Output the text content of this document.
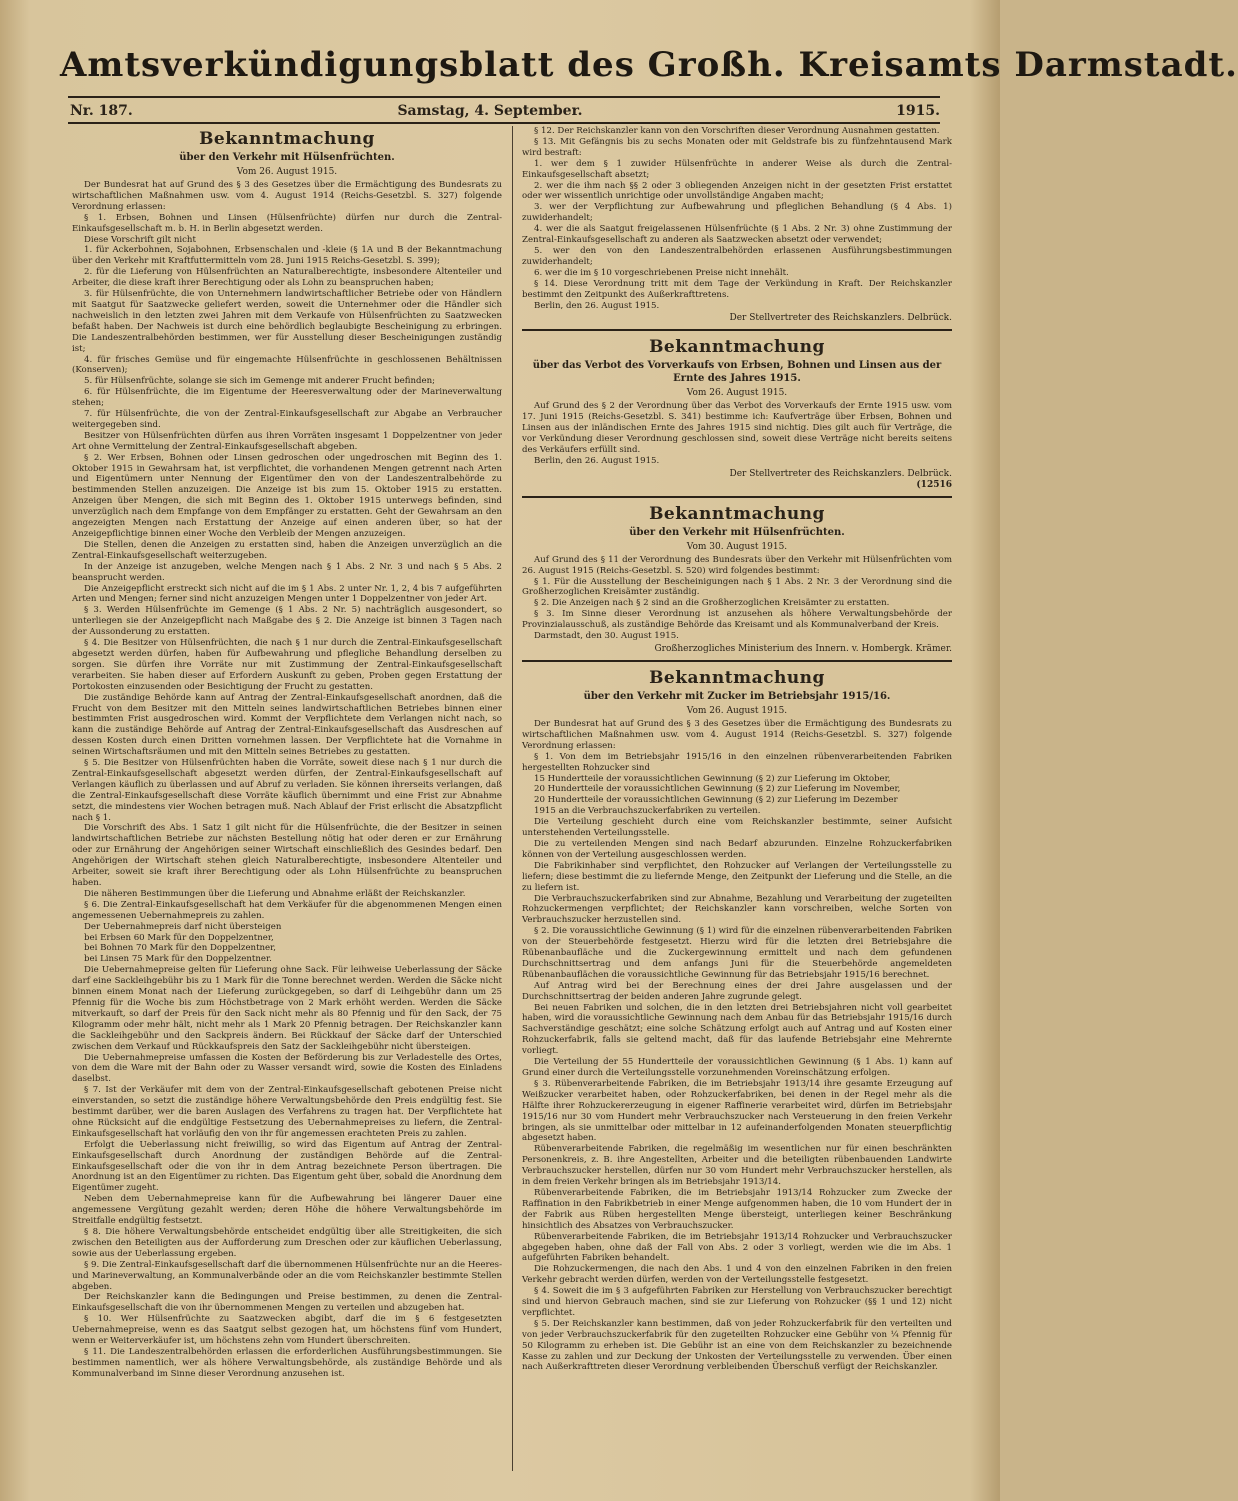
Amtsverkündigungsblatt des Großh. Kreisamts Darmstadt.
Nr. 187.	Samstag, 4. September.	1915.
Bekanntmachung
über den Verkehr mit Hülsenfrüchten.
Vom 26. August 1915.

Der Bundesrat hat auf Grund des § 3 des Gesetzes über die Ermächtigung des Bundesrats zu wirtschaftlichen Maßnahmen usw. vom 4. August 1914 (Reichs-Gesetzbl. S. 327) folgende Verordnung erlassen:

§ 1. Erbsen, Bohnen und Linsen (Hülsenfrüchte) dürfen nur durch die Zentral-Einkaufsgesellschaft m. b. H. in Berlin abgesetzt werden.

Diese Vorschrift gilt nicht

1. für Ackerbohnen, Sojabohnen, Erbsenschalen und -kleie (§ 1A und B der Bekanntmachung über den Verkehr mit Kraftfuttermitteln vom 28. Juni 1915 Reichs-Gesetzbl. S. 399);

2. für die Lieferung von Hülsenfrüchten an Naturalberechtigte, insbesondere Altenteiler und Arbeiter, die diese kraft ihrer Berechtigung oder als Lohn zu beanspruchen haben;

3. für Hülsenfrüchte, die von Unternehmern landwirtschaftlicher Betriebe oder von Händlern mit Saatgut für Saatzwecke geliefert werden, soweit die Unternehmer oder die Händler sich nachweislich in den letzten zwei Jahren mit dem Verkaufe von Hülsenfrüchten zu Saatzwecken befaßt haben. Der Nachweis ist durch eine behördlich beglaubigte Bescheinigung zu erbringen. Die Landeszentralbehörden bestimmen, wer für Ausstellung dieser Bescheinigungen zuständig ist;

4. für frisches Gemüse und für eingemachte Hülsenfrüchte in geschlossenen Behältnissen (Konserven);

5. für Hülsenfrüchte, solange sie sich im Gemenge mit anderer Frucht befinden;

6. für Hülsenfrüchte, die im Eigentume der Heeresverwaltung oder der Marineverwaltung stehen;

7. für Hülsenfrüchte, die von der Zentral-Einkaufsgesellschaft zur Abgabe an Verbraucher weitergegeben sind.

Besitzer von Hülsenfrüchten dürfen aus ihren Vorräten insgesamt 1 Doppelzentner von jeder Art ohne Vermittelung der Zentral-Einkaufsgesellschaft abgeben.

§ 2. Wer Erbsen, Bohnen oder Linsen gedroschen oder ungedroschen mit Beginn des 1. Oktober 1915 in Gewahrsam hat, ist verpflichtet, die vorhandenen Mengen getrennt nach Arten und Eigentümern unter Nennung der Eigentümer den von der Landeszentralbehörde zu bestimmenden Stellen anzuzeigen. Die Anzeige ist bis zum 15. Oktober 1915 zu erstatten. Anzeigen über Mengen, die sich mit Beginn des 1. Oktober 1915 unterwegs befinden, sind unverzüglich nach dem Empfange von dem Empfänger zu erstatten. Geht der Gewahrsam an den angezeigten Mengen nach Erstattung der Anzeige auf einen anderen über, so hat der Anzeigepflichtige binnen einer Woche den Verbleib der Mengen anzuzeigen.

Die Stellen, denen die Anzeigen zu erstatten sind, haben die Anzeigen unverzüglich an die Zentral-Einkaufsgesellschaft weiterzugeben.

In der Anzeige ist anzugeben, welche Mengen nach § 1 Abs. 2 Nr. 3 und nach § 5 Abs. 2 beansprucht werden.

Die Anzeigepflicht erstreckt sich nicht auf die im § 1 Abs. 2 unter Nr. 1, 2, 4 bis 7 aufgeführten Arten und Mengen; ferner sind nicht anzuzeigen Mengen unter 1 Doppelzentner von jeder Art.

§ 3. Werden Hülsenfrüchte im Gemenge (§ 1 Abs. 2 Nr. 5) nachträglich ausgesondert, so unterliegen sie der Anzeigepflicht nach Maßgabe des § 2. Die Anzeige ist binnen 3 Tagen nach der Aussonderung zu erstatten.

§ 4. Die Besitzer von Hülsenfrüchten, die nach § 1 nur durch die Zentral-Einkaufsgesellschaft abgesetzt werden dürfen, haben für Aufbewahrung und pflegliche Behandlung derselben zu sorgen. Sie dürfen ihre Vorräte nur mit Zustimmung der Zentral-Einkaufsgesellschaft verarbeiten. Sie haben dieser auf Erfordern Auskunft zu geben, Proben gegen Erstattung der Portokosten einzusenden oder Besichtigung der Frucht zu gestatten.

Die zuständige Behörde kann auf Antrag der Zentral-Einkaufsgesellschaft anordnen, daß die Frucht von dem Besitzer mit den Mitteln seines landwirtschaftlichen Betriebes binnen einer bestimmten Frist ausgedroschen wird. Kommt der Verpflichtete dem Verlangen nicht nach, so kann die zuständige Behörde auf Antrag der Zentral-Einkaufsgesellschaft das Ausdreschen auf dessen Kosten durch einen Dritten vornehmen lassen. Der Verpflichtete hat die Vornahme in seinen Wirtschaftsräumen und mit den Mitteln seines Betriebes zu gestatten.

§ 5. Die Besitzer von Hülsenfrüchten haben die Vorräte, soweit diese nach § 1 nur durch die Zentral-Einkaufsgesellschaft abgesetzt werden dürfen, der Zentral-Einkaufsgesellschaft auf Verlangen käuflich zu überlassen und auf Abruf zu verladen. Sie können ihrerseits verlangen, daß die Zentral-Einkaufsgesellschaft diese Vorräte käuflich übernimmt und eine Frist zur Abnahme setzt, die mindestens vier Wochen betragen muß. Nach Ablauf der Frist erlischt die Absatzpflicht nach § 1.

Die Vorschrift des Abs. 1 Satz 1 gilt nicht für die Hülsenfrüchte, die der Besitzer in seinen landwirtschaftlichen Betriebe zur nächsten Bestellung nötig hat oder deren er zur Ernährung oder zur Ernährung der Angehörigen seiner Wirtschaft einschließlich des Gesindes bedarf. Den Angehörigen der Wirtschaft stehen gleich Naturalberechtigte, insbesondere Altenteiler und Arbeiter, soweit sie kraft ihrer Berechtigung oder als Lohn Hülsenfrüchte zu beanspruchen haben.

Die näheren Bestimmungen über die Lieferung und Abnahme erläßt der Reichskanzler.

§ 6. Die Zentral-Einkaufsgesellschaft hat dem Verkäufer für die abgenommenen Mengen einen angemessenen Uebernahmepreis zu zahlen.

Der Uebernahmepreis darf nicht übersteigen

bei Erbsen 60 Mark für den Doppelzentner,

bei Bohnen 70 Mark für den Doppelzentner,

bei Linsen 75 Mark für den Doppelzentner.

Die Uebernahmepreise gelten für Lieferung ohne Sack. Für leihweise Ueberlassung der Säcke darf eine Sackleihgebühr bis zu 1 Mark für die Tonne berechnet werden. Werden die Säcke nicht binnen einem Monat nach der Lieferung zurückgegeben, so darf di Leihgebühr dann um 25 Pfennig für die Woche bis zum Höchstbetrage von 2 Mark erhöht werden. Werden die Säcke mitverkauft, so darf der Preis für den Sack nicht mehr als 80 Pfennig und für den Sack, der 75 Kilogramm oder mehr hält, nicht mehr als 1 Mark 20 Pfennig betragen. Der Reichskanzler kann die Sackleihgebühr und den Sackpreis ändern. Bei Rückkauf der Säcke darf der Unterschied zwischen dem Verkauf und Rückkaufspreis den Satz der Sackleihgebühr nicht übersteigen.

Die Uebernahmepreise umfassen die Kosten der Beförderung bis zur Verladestelle des Ortes, von dem die Ware mit der Bahn oder zu Wasser versandt wird, sowie die Kosten des Einladens daselbst.

§ 7. Ist der Verkäufer mit dem von der Zentral-Einkaufsgesellschaft gebotenen Preise nicht einverstanden, so setzt die zuständige höhere Verwaltungsbehörde den Preis endgültig fest. Sie bestimmt darüber, wer die baren Auslagen des Verfahrens zu tragen hat. Der Verpflichtete hat ohne Rücksicht auf die endgültige Festsetzung des Uebernahmepreises zu liefern, die Zentral-Einkaufsgesellschaft hat vorläufig den von ihr für angemessen erachteten Preis zu zahlen.

Erfolgt die Ueberlassung nicht freiwillig, so wird das Eigentum auf Antrag der Zentral-Einkaufsgesellschaft durch Anordnung der zuständigen Behörde auf die Zentral-Einkaufsgesellschaft oder die von ihr in dem Antrag bezeichnete Person übertragen. Die Anordnung ist an den Eigentümer zu richten. Das Eigentum geht über, sobald die Anordnung dem Eigentümer zugeht.

Neben dem Uebernahmepreise kann für die Aufbewahrung bei längerer Dauer eine angemessene Vergütung gezahlt werden; deren Höhe die höhere Verwaltungsbehörde im Streitfalle endgültig festsetzt.

§ 8. Die höhere Verwaltungsbehörde entscheidet endgültig über alle Streitigkeiten, die sich zwischen den Beteiligten aus der Aufforderung zum Dreschen oder zur käuflichen Ueberlassung, sowie aus der Ueberlassung ergeben.

§ 9. Die Zentral-Einkaufsgesellschaft darf die übernommenen Hülsenfrüchte nur an die Heeres- und Marineverwaltung, an Kommunalverbände oder an die vom Reichskanzler bestimmte Stellen abgeben.

Der Reichskanzler kann die Bedingungen und Preise bestimmen, zu denen die Zentral-Einkaufsgesellschaft die von ihr übernommenen Mengen zu verteilen und abzugeben hat.

§ 10. Wer Hülsenfrüchte zu Saatzwecken abgibt, darf die im § 6 festgesetzten Uebernahmepreise, wenn es das Saatgut selbst gezogen hat, um höchstens fünf vom Hundert, wenn er Weiterverkäufer ist, um höchstens zehn vom Hundert überschreiten.

§ 11. Die Landeszentralbehörden erlassen die erforderlichen Ausführungsbestimmungen. Sie bestimmen namentlich, wer als höhere Verwaltungsbehörde, als zuständige Behörde und als Kommunalverband im Sinne dieser Verordnung anzusehen ist.

§ 12. Der Reichskanzler kann von den Vorschriften dieser Verordnung Ausnahmen gestatten.

§ 13. Mit Gefängnis bis zu sechs Monaten oder mit Geldstrafe bis zu fünfzehntausend Mark wird bestraft:

1. wer dem § 1 zuwider Hülsenfrüchte in anderer Weise als durch die Zentral-Einkaufsgesellschaft absetzt;

2. wer die ihm nach §§ 2 oder 3 obliegenden Anzeigen nicht in der gesetzten Frist erstattet oder wer wissentlich unrichtige oder unvollständige Angaben macht;

3. wer der Verpflichtung zur Aufbewahrung und pfleglichen Behandlung (§ 4 Abs. 1) zuwiderhandelt;

4. wer die als Saatgut freigelassenen Hülsenfrüchte (§ 1 Abs. 2 Nr. 3) ohne Zustimmung der Zentral-Einkaufsgesellschaft zu anderen als Saatzwecken absetzt oder verwendet;

5. wer den von den Landeszentralbehörden erlassenen Ausführungsbestimmungen zuwiderhandelt;

6. wer die im § 10 vorgeschriebenen Preise nicht innehält.

§ 14. Diese Verordnung tritt mit dem Tage der Verkündung in Kraft. Der Reichskanzler bestimmt den Zeitpunkt des Außerkrafttretens.

Berlin, den 26. August 1915.

Der Stellvertreter des Reichskanzlers. Delbrück.
Bekanntmachung
über das Verbot des Vorverkaufs von Erbsen, Bohnen und Linsen aus der Ernte des Jahres 1915.
Vom 26. August 1915.

Auf Grund des § 2 der Verordnung über das Verbot des Vorverkaufs der Ernte 1915 usw. vom 17. Juni 1915 (Reichs-Gesetzbl. S. 341) bestimme ich: Kaufverträge über Erbsen, Bohnen und Linsen aus der inländischen Ernte des Jahres 1915 sind nichtig. Dies gilt auch für Verträge, die vor Verkündung dieser Verordnung geschlossen sind, soweit diese Verträge nicht bereits seitens des Verkäufers erfüllt sind.

Berlin, den 26. August 1915.

Der Stellvertreter des Reichskanzlers. Delbrück.
(12516
Bekanntmachung
über den Verkehr mit Hülsenfrüchten.
Vom 30. August 1915.

Auf Grund des § 11 der Verordnung des Bundesrats über den Verkehr mit Hülsenfrüchten vom 26. August 1915 (Reichs-Gesetzbl. S. 520) wird folgendes bestimmt:

§ 1. Für die Ausstellung der Bescheinigungen nach § 1 Abs. 2 Nr. 3 der Verordnung sind die Großherzoglichen Kreisämter zuständig.

§ 2. Die Anzeigen nach § 2 sind an die Großherzoglichen Kreisämter zu erstatten.

§ 3. Im Sinne dieser Verordnung ist anzusehen als höhere Verwaltungsbehörde der Provinzialausschuß, als zuständige Behörde das Kreisamt und als Kommunalverband der Kreis.

Darmstadt, den 30. August 1915.

Großherzogliches Ministerium des Innern. v. Hombergk. Krämer.
Bekanntmachung
über den Verkehr mit Zucker im Betriebsjahr 1915/16.
Vom 26. August 1915.

Der Bundesrat hat auf Grund des § 3 des Gesetzes über die Ermächtigung des Bundesrats zu wirtschaftlichen Maßnahmen usw. vom 4. August 1914 (Reichs-Gesetzbl. S. 327) folgende Verordnung erlassen:

§ 1. Von dem im Betriebsjahr 1915/16 in den einzelnen rübenverarbeitenden Fabriken hergestellten Rohzucker sind

15 Hundertteile der voraussichtlichen Gewinnung (§ 2) zur Lieferung im Oktober,

20 Hundertteile der voraussichtlichen Gewinnung (§ 2) zur Lieferung im November,

20 Hundertteile der voraussichtlichen Gewinnung (§ 2) zur Lieferung im Dezember

1915 an die Verbrauchszuckerfabriken zu verteilen.

Die Verteilung geschieht durch eine vom Reichskanzler bestimmte, seiner Aufsicht unterstehenden Verteilungsstelle.

Die zu verteilenden Mengen sind nach Bedarf abzurunden. Einzelne Rohzuckerfabriken können von der Verteilung ausgeschlossen werden.

Die Fabrikinhaber sind verpflichtet, den Rohzucker auf Verlangen der Verteilungsstelle zu liefern; diese bestimmt die zu liefernde Menge, den Zeitpunkt der Lieferung und die Stelle, an die zu liefern ist.

Die Verbrauchszuckerfabriken sind zur Abnahme, Bezahlung und Verarbeitung der zugeteilten Rohzuckermengen verpflichtet; der Reichskanzler kann vorschreiben, welche Sorten von Verbrauchszucker herzustellen sind.

§ 2. Die voraussichtliche Gewinnung (§ 1) wird für die einzelnen rübenverarbeitenden Fabriken von der Steuerbehörde festgesetzt. Hierzu wird für die letzten drei Betriebsjahre die Rübenanbaufläche und die Zuckergewinnung ermittelt und nach dem gefundenen Durchschnittsertrag und dem anfangs Juni für die Steuerbehörde angemeldeten Rübenanbauflächen die voraussichtliche Gewinnung für das Betriebsjahr 1915/16 berechnet.

Auf Antrag wird bei der Berechnung eines der drei Jahre ausgelassen und der Durchschnittsertrag der beiden anderen Jahre zugrunde gelegt.

Bei neuen Fabriken und solchen, die in den letzten drei Betriebsjahren nicht voll gearbeitet haben, wird die voraussichtliche Gewinnung nach dem Anbau für das Betriebsjahr 1915/16 durch Sachverständige geschätzt; eine solche Schätzung erfolgt auch auf Antrag und auf Kosten einer Rohzuckerfabrik, falls sie geltend macht, daß für das laufende Betriebsjahr eine Mehrernte vorliegt.

Die Verteilung der 55 Hundertteile der voraussichtlichen Gewinnung (§ 1 Abs. 1) kann auf Grund einer durch die Verteilungsstelle vorzunehmenden Voreinschätzung erfolgen.

§ 3. Rübenverarbeitende Fabriken, die im Betriebsjahr 1913/14 ihre gesamte Erzeugung auf Weißzucker verarbeitet haben, oder Rohzuckerfabriken, bei denen in der Regel mehr als die Hälfte ihrer Rohzuckererzeugung in eigener Raffinerie verarbeitet wird, dürfen im Betriebsjahr 1915/16 nur 30 vom Hundert mehr Verbrauchszucker nach Versteuerung in den freien Verkehr bringen, als sie unmittelbar oder mittelbar in 12 aufeinanderfolgenden Monaten steuerpflichtig abgesetzt haben.

Rübenverarbeitende Fabriken, die regelmäßig im wesentlichen nur für einen beschränkten Personenkreis, z. B. ihre Angestellten, Arbeiter und die beteiligten rübenbauenden Landwirte Verbrauchszucker herstellen, dürfen nur 30 vom Hundert mehr Verbrauchszucker herstellen, als in dem freien Verkehr bringen als im Betriebsjahr 1913/14.

Rübenverarbeitende Fabriken, die im Betriebsjahr 1913/14 Rohzucker zum Zwecke der Raffination in den Fabrikbetrieb in einer Menge aufgenommen haben, die 10 vom Hundert der in der Fabrik aus Rüben hergestellten Menge übersteigt, unterliegen keiner Beschränkung hinsichtlich des Absatzes von Verbrauchszucker.

Rübenverarbeitende Fabriken, die im Betriebsjahr 1913/14 Rohzucker und Verbrauchszucker abgegeben haben, ohne daß der Fall von Abs. 2 oder 3 vorliegt, werden wie die im Abs. 1 aufgeführten Fabriken behandelt.

Die Rohzuckermengen, die nach den Abs. 1 und 4 von den einzelnen Fabriken in den freien Verkehr gebracht werden dürfen, werden von der Verteilungsstelle festgesetzt.

§ 4. Soweit die im § 3 aufgeführten Fabriken zur Herstellung von Verbrauchszucker berechtigt sind und hiervon Gebrauch machen, sind sie zur Lieferung von Rohzucker (§§ 1 und 12) nicht verpflichtet.

§ 5. Der Reichskanzler kann bestimmen, daß von jeder Rohzuckerfabrik für den verteilten und von jeder Verbrauchszuckerfabrik für den zugeteilten Rohzucker eine Gebühr von ¼ Pfennig für 50 Kilogramm zu erheben ist. Die Gebühr ist an eine von dem Reichskanzler zu bezeichnende Kasse zu zahlen und zur Deckung der Unkosten der Verteilungsstelle zu verwenden. Über einen nach Außerkrafttreten dieser Verordnung verbleibenden Überschuß verfügt der Reichskanzler.
